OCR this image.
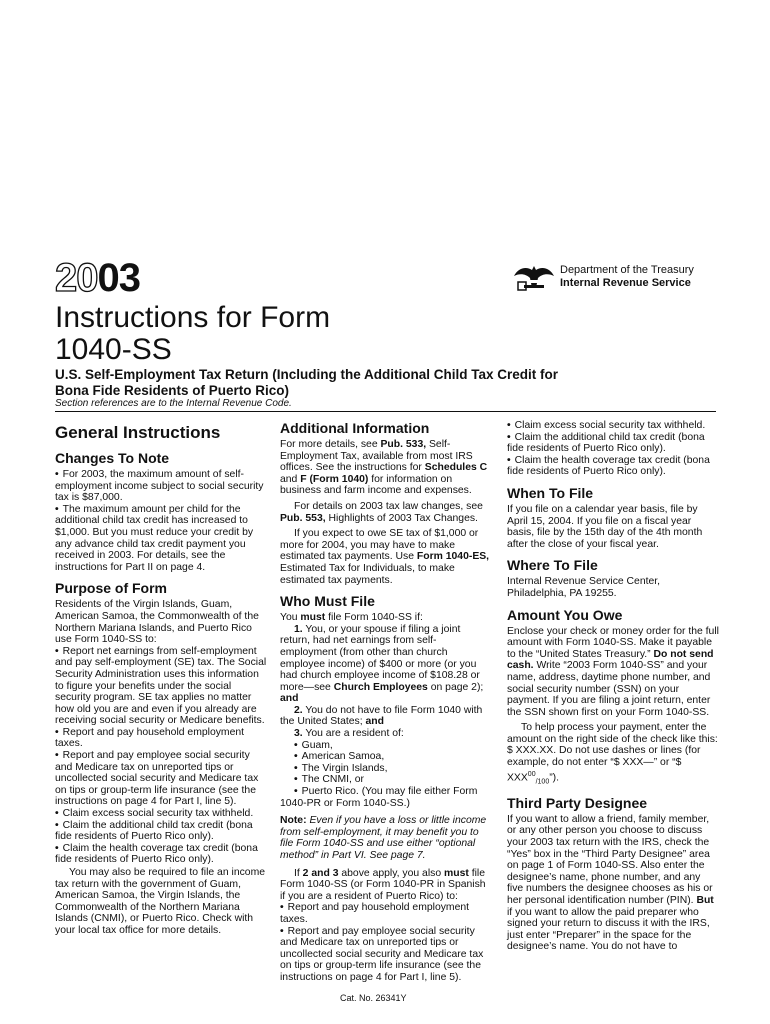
2003	Department of the Treasury
Internal Revenue Service
Instructions for Form
1040-SS
U.S. Self-Employment Tax Return (Including the Additional Child Tax Credit for
Bona Fide Residents of Puerto Rico)
Section references are to the Internal Revenue Code.
General Instructions
Changes To Note

• For 2003, the maximum amount of self-employment income subject to social security tax is $87,000.

• The maximum amount per child for the additional child tax credit has increased to $1,000. But you must reduce your credit by any advance child tax credit payment you received in 2003. For details, see the instructions for Part II on page 4.

Purpose of Form

Residents of the Virgin Islands, Guam, American Samoa, the Commonwealth of the Northern Mariana Islands, and Puerto Rico use Form 1040-SS to:

• Report net earnings from self-employment and pay self-employment (SE) tax. The Social Security Administration uses this information to figure your benefits under the social security program. SE tax applies no matter how old you are and even if you already are receiving social security or Medicare benefits.

• Report and pay household employment taxes.

• Report and pay employee social security and Medicare tax on unreported tips or uncollected social security and Medicare tax on tips or group-term life insurance (see the instructions on page 4 for Part I, line 5).

• Claim excess social security tax withheld.

• Claim the additional child tax credit (bona fide residents of Puerto Rico only).

• Claim the health coverage tax credit (bona fide residents of Puerto Rico only).

You may also be required to file an income tax return with the government of Guam, American Samoa, the Virgin Islands, the Commonwealth of the Northern Mariana Islands (CNMI), or Puerto Rico. Check with your local tax office for more details.

Additional Information

For more details, see Pub. 533, Self-Employment Tax, available from most IRS offices. See the instructions for Schedules C and F (Form 1040) for information on business and farm income and expenses.

For details on 2003 tax law changes, see Pub. 553, Highlights of 2003 Tax Changes.

If you expect to owe SE tax of $1,000 or more for 2004, you may have to make estimated tax payments. Use Form 1040-ES, Estimated Tax for Individuals, to make estimated tax payments.

Who Must File

You must file Form 1040-SS if:

1. You, or your spouse if filing a joint return, had net earnings from self-employment (from other than church employee income) of $400 or more (or you had church employee income of $108.28 or more—see Church Employees on page 2); and

2. You do not have to file Form 1040 with the United States; and

3. You are a resident of:

• Guam,

• American Samoa,

• The Virgin Islands,

• The CNMI, or

• Puerto Rico. (You may file either Form 1040-PR or Form 1040-SS.)

Note: Even if you have a loss or little income from self-employment, it may benefit you to file Form 1040-SS and use either “optional method” in Part VI. See page 7.

If 2 and 3 above apply, you also must file Form 1040-SS (or Form 1040-PR in Spanish if you are a resident of Puerto Rico) to:

• Report and pay household employment taxes.

• Report and pay employee social security and Medicare tax on unreported tips or uncollected social security and Medicare tax on tips or group-term life insurance (see the instructions on page 4 for Part I, line 5).

• Claim excess social security tax withheld.

• Claim the additional child tax credit (bona fide residents of Puerto Rico only).

• Claim the health coverage tax credit (bona fide residents of Puerto Rico only).

When To File

If you file on a calendar year basis, file by April 15, 2004. If you file on a fiscal year basis, file by the 15th day of the 4th month after the close of your fiscal year.

Where To File

Internal Revenue Service Center,

Philadelphia, PA 19255.

Amount You Owe

Enclose your check or money order for the full amount with Form 1040-SS. Make it payable to the “United States Treasury.” Do not send cash. Write “2003 Form 1040-SS” and your name, address, daytime phone number, and social security number (SSN) on your payment. If you are filing a joint return, enter the SSN shown first on your Form 1040-SS.

To help process your payment, enter the amount on the right side of the check like this: $ XXX.XX. Do not use dashes or lines (for example, do not enter “$ XXX—” or “$ $XXX^{00}_{/100}$”).

Third Party Designee

If you want to allow a friend, family member, or any other person you choose to discuss your 2003 tax return with the IRS, check the “Yes” box in the “Third Party Designee” area on page 1 of Form 1040-SS. Also enter the designee’s name, phone number, and any five numbers the designee chooses as his or her personal identification number (PIN). But if you want to allow the paid preparer who signed your return to discuss it with the IRS, just enter “Preparer” in the space for the designee’s name. You do not have to

Cat. No. 26341Y
